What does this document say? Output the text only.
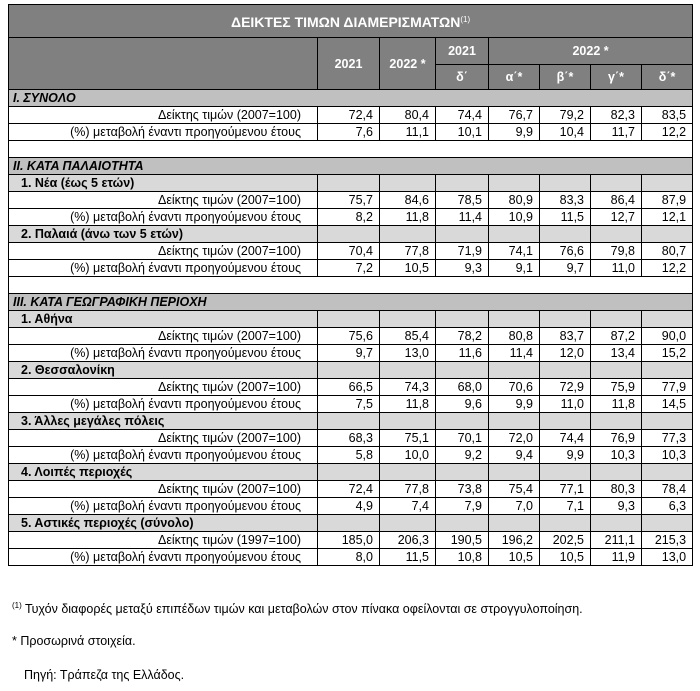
ΔΕΙΚΤΕΣ ΤΙΜΩΝ ΔΙΑΜΕΡΙΣΜΑΤΩΝ$^{(1)}$
	2021	2022 *	2021	2022 *			
			δ΄	α΄*	β΄*	γ΄*	δ΄*
I. ΣΥΝΟΛΟ							
Δείκτης τιμών (2007=100)	72,4	80,4	74,4	76,7	79,2	82,3	83,5
(%) μεταβολή έναντι προηγούμενου έτους	7,6	11,1	10,1	9,9	10,4	11,7	12,2

II. ΚΑΤΑ ΠΑΛΑΙΟΤΗΤΑ							
1. Νέα (έως 5 ετών)							
Δείκτης τιμών (2007=100)	75,7	84,6	78,5	80,9	83,3	86,4	87,9
(%) μεταβολή έναντι προηγούμενου έτους	8,2	11,8	11,4	10,9	11,5	12,7	12,1
2. Παλαιά (άνω των 5 ετών)							
Δείκτης τιμών (2007=100)	70,4	77,8	71,9	74,1	76,6	79,8	80,7
(%) μεταβολή έναντι προηγούμενου έτους	7,2	10,5	9,3	9,1	9,7	11,0	12,2

III. ΚΑΤΑ ΓΕΩΓΡΑΦΙΚΗ ΠΕΡΙΟΧΗ							
1. Αθήνα							
Δείκτης τιμών (2007=100)	75,6	85,4	78,2	80,8	83,7	87,2	90,0
(%) μεταβολή έναντι προηγούμενου έτους	9,7	13,0	11,6	11,4	12,0	13,4	15,2
2. Θεσσαλονίκη							
Δείκτης τιμών (2007=100)	66,5	74,3	68,0	70,6	72,9	75,9	77,9
(%) μεταβολή έναντι προηγούμενου έτους	7,5	11,8	9,6	9,9	11,0	11,8	14,5
3. Άλλες μεγάλες πόλεις							
Δείκτης τιμών (2007=100)	68,3	75,1	70,1	72,0	74,4	76,9	77,3
(%) μεταβολή έναντι προηγούμενου έτους	5,8	10,0	9,2	9,4	9,9	10,3	10,3
4. Λοιπές περιοχές							
Δείκτης τιμών (2007=100)	72,4	77,8	73,8	75,4	77,1	80,3	78,4
(%) μεταβολή έναντι προηγούμενου έτους	4,9	7,4	7,9	7,0	7,1	9,3	6,3
5. Αστικές περιοχές (σύνολο)							
Δείκτης τιμών (1997=100)	185,0	206,3	190,5	196,2	202,5	211,1	215,3
(%) μεταβολή έναντι προηγούμενου έτους	8,0	11,5	10,8	10,5	10,5	11,9	13,0
$^{(1)}$ Τυχόν διαφορές μεταξύ επιπέδων τιμών και μεταβολών στον πίνακα οφείλονται σε στρογγυλοποίηση.
* Προσωρινά στοιχεία.
Πηγή: Τράπεζα της Ελλάδος.
